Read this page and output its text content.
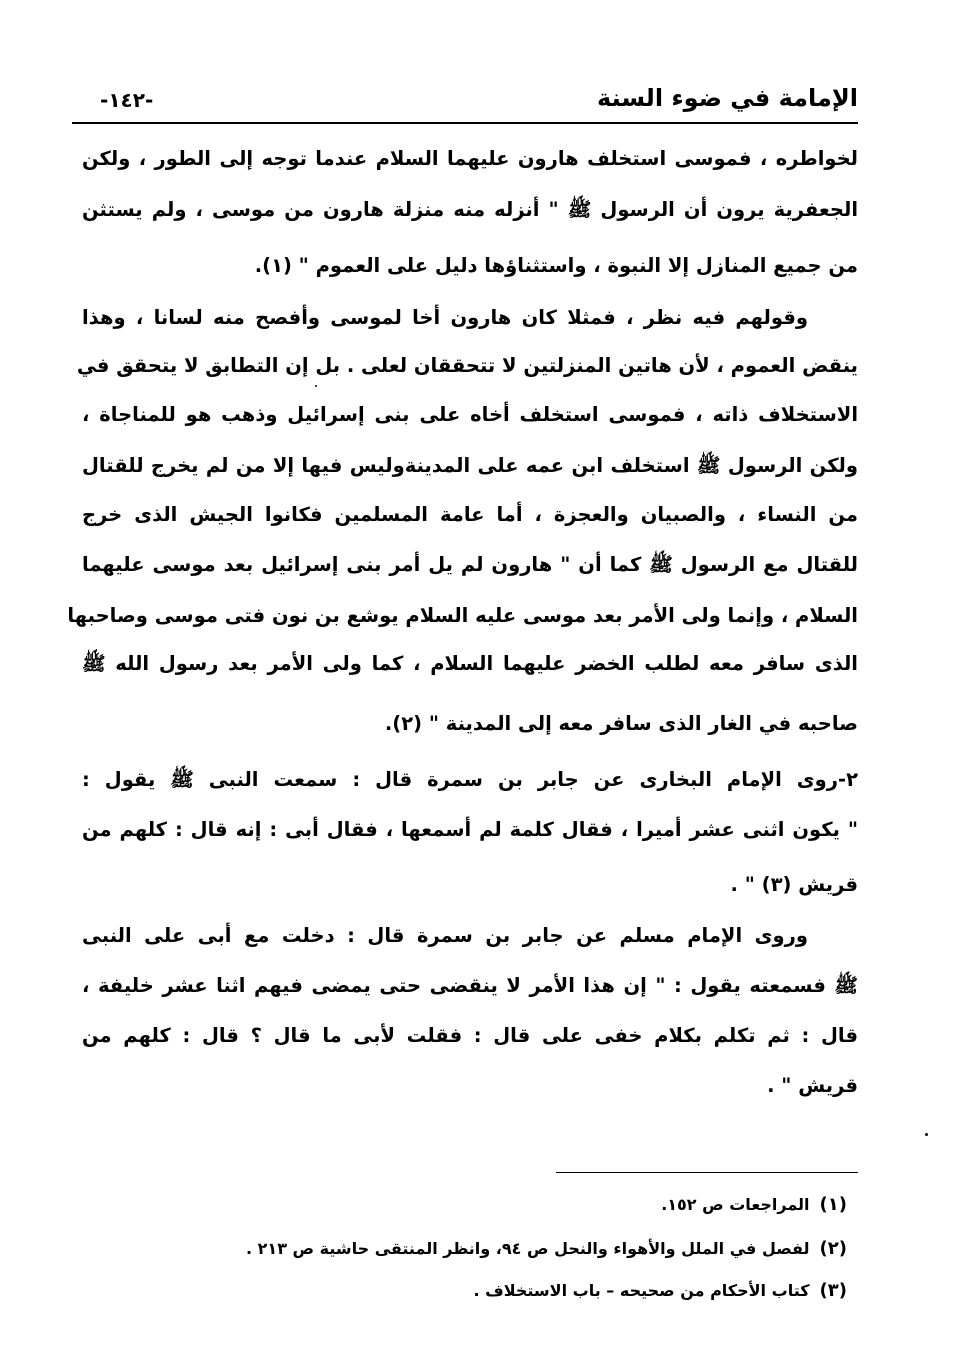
الإمامة في ضوء السنة
-١٤٢-
لخواطره ، فموسى استخلف هارون عليهما السلام عندما توجه إلى الطور ، ولكن
الجعفرية يرون أن الرسول ﷺ " أنزله منه منزلة هارون من موسى ، ولم يستثن
من جميع المنازل إلا النبوة ، واستثناؤها دليل على العموم " (١).
وقولهم فيه نظر ، فمثلا كان هارون أخا لموسى وأفصح منه لسانا ، وهذا
ينقض العموم ، لأن هاتين المنزلتين لا تتحققان لعلى . بل إن التطابق لا يتحقق في
الاستخلاف ذاته ، فموسى استخلف أخاه على بنى إسرائيل وذهب هو للمناجاة ،
ولكن الرسول ﷺ استخلف ابن عمه على المدينةوليس فيها إلا من لم يخرج للقتال
من النساء ، والصبيان والعجزة ، أما عامة المسلمين فكانوا الجيش الذى خرج
للقتال مع الرسول ﷺ كما أن " هارون لم يل أمر بنى إسرائيل بعد موسى عليهما
السلام ، وإنما ولى الأمر بعد موسى عليه السلام يوشع بن نون فتى موسى وصاحبها
الذى سافر معه لطلب الخضر عليهما السلام ، كما ولى الأمر بعد رسول الله ﷺ
صاحبه في الغار الذى سافر معه إلى المدينة " (٢).
٢-روى الإمام البخارى عن جابر بن سمرة قال : سمعت النبى ﷺ يقول :
" يكون اثنى عشر أميرا ، فقال كلمة لم أسمعها ، فقال أبى : إنه قال : كلهم من
قريش (٣) " .
وروى الإمام مسلم عن جابر بن سمرة قال : دخلت مع أبى على النبى
ﷺ فسمعته يقول : " إن هذا الأمر لا ينقضى حتى يمضى فيهم اثنا عشر خليفة ،
قال : ثم تكلم بكلام خفى على قال : فقلت لأبى ما قال ؟ قال : كلهم من
قريش " .
(١)المراجعات ص ١٥٢.
(٢)لفصل في الملل والأهواء والنحل ص ٩٤، وانظر المنتقى حاشية ص ٢١٣ .
(٣)كتاب الأحكام من صحيحه – باب الاستخلاف .
